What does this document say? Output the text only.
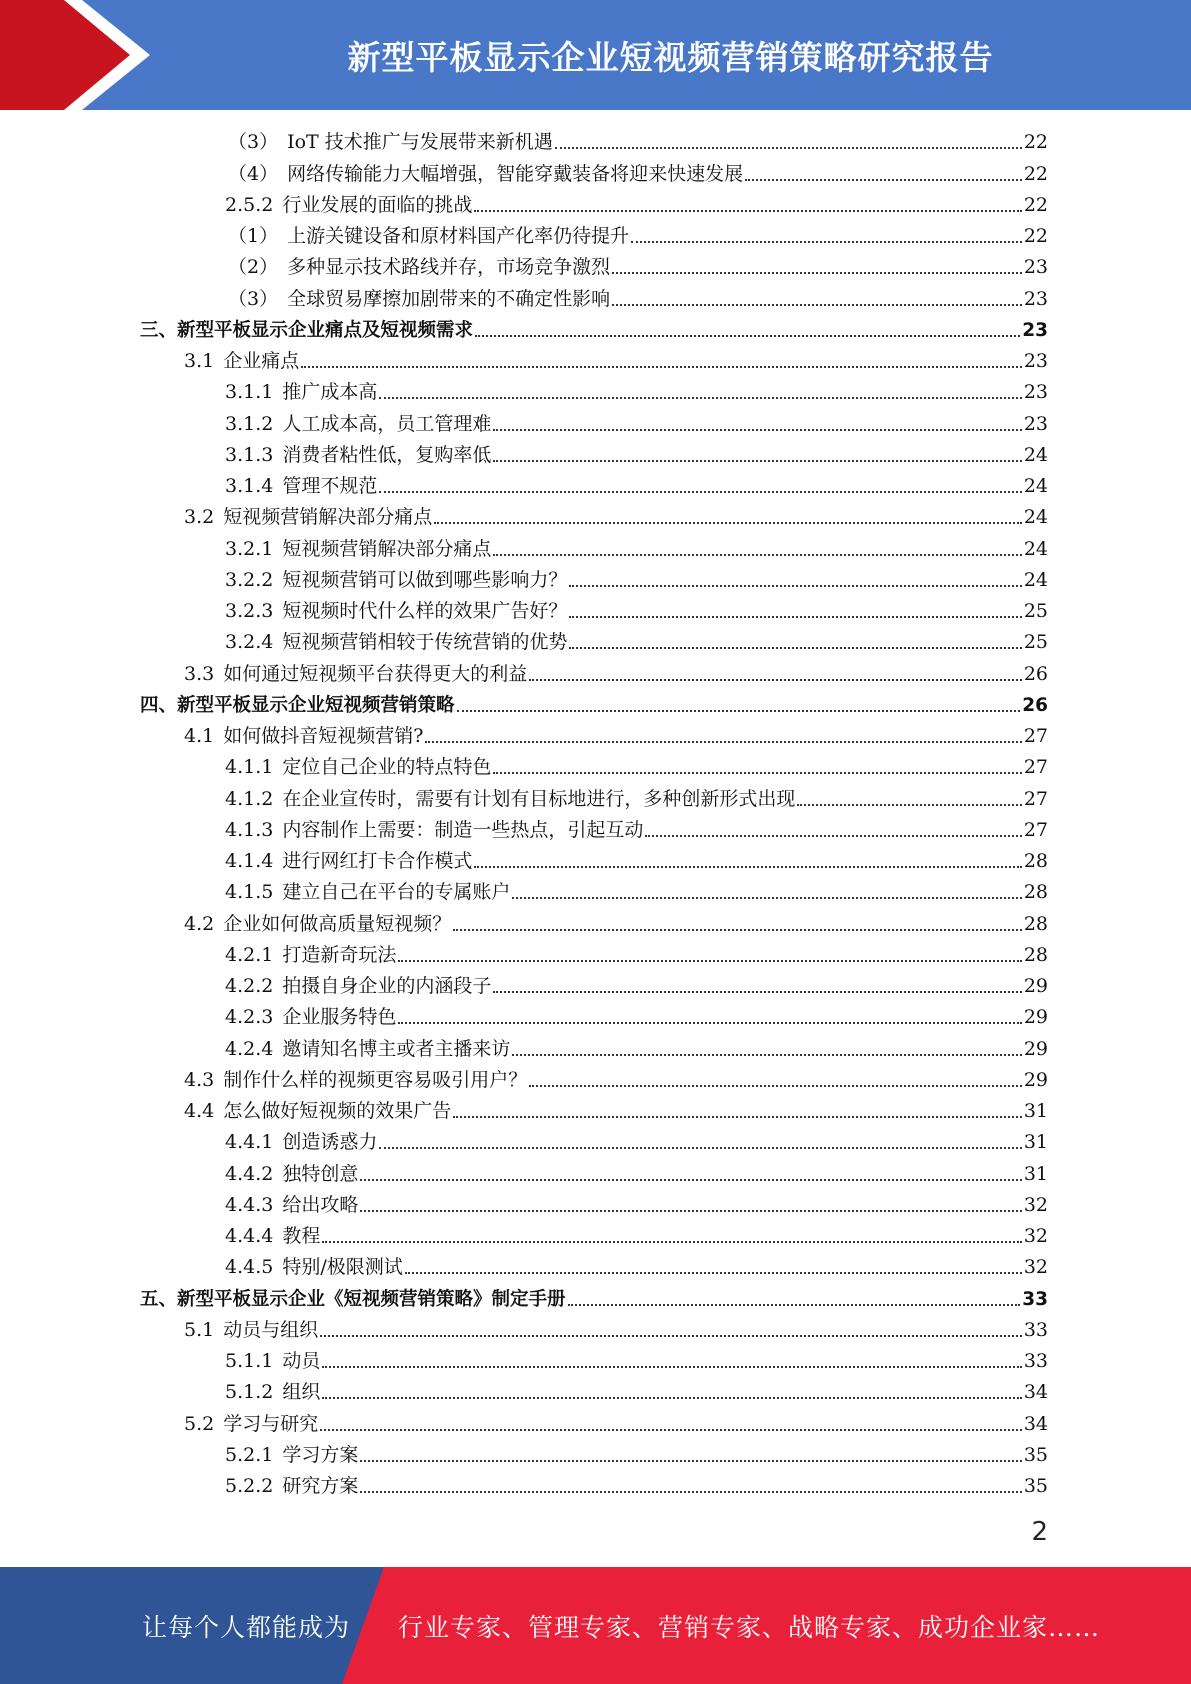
新型平板显示企业短视频营销策略研究报告
（3） IoT 技术推广与发展带来新机遇	22
（4） 网络传输能力大幅增强，智能穿戴装备将迎来快速发展	22
2.5.2 行业发展的面临的挑战	22
（1） 上游关键设备和原材料国产化率仍待提升	22
（2） 多种显示技术路线并存，市场竞争激烈	23
（3） 全球贸易摩擦加剧带来的不确定性影响	23
三、新型平板显示企业痛点及短视频需求	23
3.1 企业痛点	23
3.1.1 推广成本高	23
3.1.2 人工成本高，员工管理难	23
3.1.3 消费者粘性低，复购率低	24
3.1.4 管理不规范	24
3.2 短视频营销解决部分痛点	24
3.2.1 短视频营销解决部分痛点	24
3.2.2 短视频营销可以做到哪些影响力？	24
3.2.3 短视频时代什么样的效果广告好？	25
3.2.4 短视频营销相较于传统营销的优势	25
3.3 如何通过短视频平台获得更大的利益	26
四、新型平板显示企业短视频营销策略	26
4.1 如何做抖音短视频营销?	27
4.1.1 定位自己企业的特点特色	27
4.1.2 在企业宣传时，需要有计划有目标地进行，多种创新形式出现	27
4.1.3 内容制作上需要：制造一些热点，引起互动	27
4.1.4 进行网红打卡合作模式	28
4.1.5 建立自己在平台的专属账户	28
4.2 企业如何做高质量短视频？	28
4.2.1 打造新奇玩法	28
4.2.2 拍摄自身企业的内涵段子	29
4.2.3 企业服务特色	29
4.2.4 邀请知名博主或者主播来访	29
4.3 制作什么样的视频更容易吸引用户？	29
4.4 怎么做好短视频的效果广告	31
4.4.1 创造诱惑力	31
4.4.2 独特创意	31
4.4.3 给出攻略	32
4.4.4 教程	32
4.4.5 特别/极限测试	32
五、新型平板显示企业《短视频营销策略》制定手册	33
5.1 动员与组织	33
5.1.1 动员	33
5.1.2 组织	34
5.2 学习与研究	34
5.2.1 学习方案	35
5.2.2 研究方案	35
2
让每个人都能成为 行业专家、管理专家、营销专家、战略专家、成功企业家……
